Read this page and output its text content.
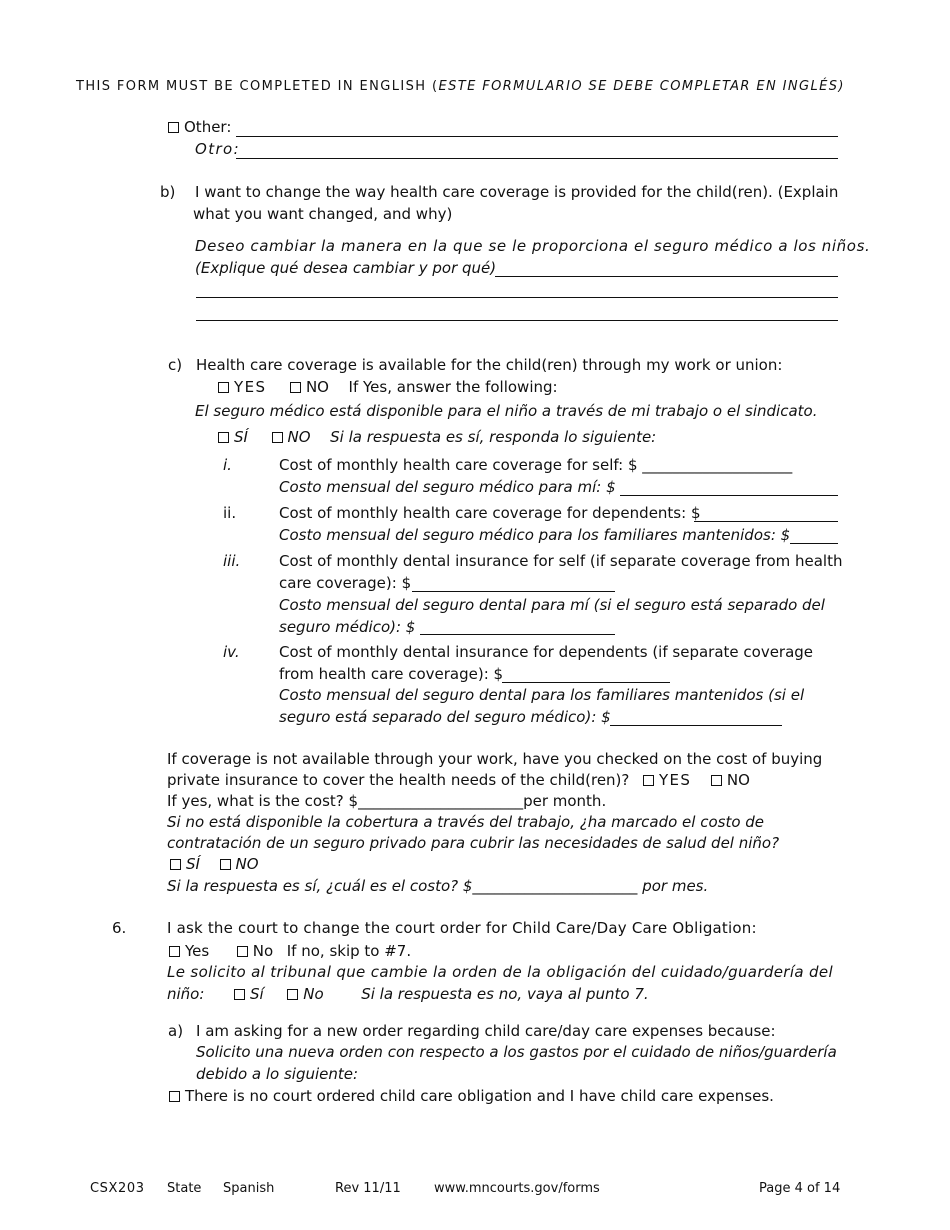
THIS FORM MUST BE COMPLETED IN ENGLISH (ESTE FORMULARIO SE DEBE COMPLETAR EN INGLÉS)
Other:
Otro:
b) I want to change the way health care coverage is provided for the child(ren). (Explain
what you want changed, and why)
Deseo cambiar la manera en la que se le proporciona el seguro médico a los niños.
(Explique qué desea cambiar y por qué)
c) Health care coverage is available for the child(ren) through my work or union:
YES	NO If Yes, answer the following:
El seguro médico está disponible para el niño a través de mi trabajo o el sindicato.
SÍ	NO Si la respuesta es sí, responda lo siguiente:
i.	Cost of monthly health care coverage for self: $ ____________________
Costo mensual del seguro médico para mí: $
ii.	Cost of monthly health care coverage for dependents: $
Costo mensual del seguro médico para los familiares mantenidos: $
iii.	Cost of monthly dental insurance for self (if separate coverage from health
care coverage): $
Costo mensual del seguro dental para mí (si el seguro está separado del
seguro médico): $
iv.	Cost of monthly dental insurance for dependents (if separate coverage
from health care coverage): $
Costo mensual del seguro dental para los familiares mantenidos (si el
seguro está separado del seguro médico): $
If coverage is not available through your work, have you checked on the cost of buying
private insurance to cover the health needs of the child(ren)? YES NO
If yes, what is the cost? $______________________per month.
Si no está disponible la cobertura a través del trabajo, ¿ha marcado el costo de
contratación de un seguro privado para cubrir las necesidades de salud del niño?
SÍ NO
Si la respuesta es sí, ¿cuál es el costo? $______________________ por mes.
6.	I ask the court to change the court order for Child Care/Day Care Obligation:
Yes	No If no, skip to #7.
Le solicito al tribunal que cambie la orden de la obligación del cuidado/guardería del
niño:	Sí	No	Si la respuesta es no, vaya al punto 7.
a) I am asking for a new order regarding child care/day care expenses because:
Solicito una nueva orden con respecto a los gastos por el cuidado de niños/guardería
debido a lo siguiente:
There is no court ordered child care obligation and I have child care expenses.
CSX203 State Spanish	Rev 11/11	www.mncourts.gov/forms	Page 4 of 14
